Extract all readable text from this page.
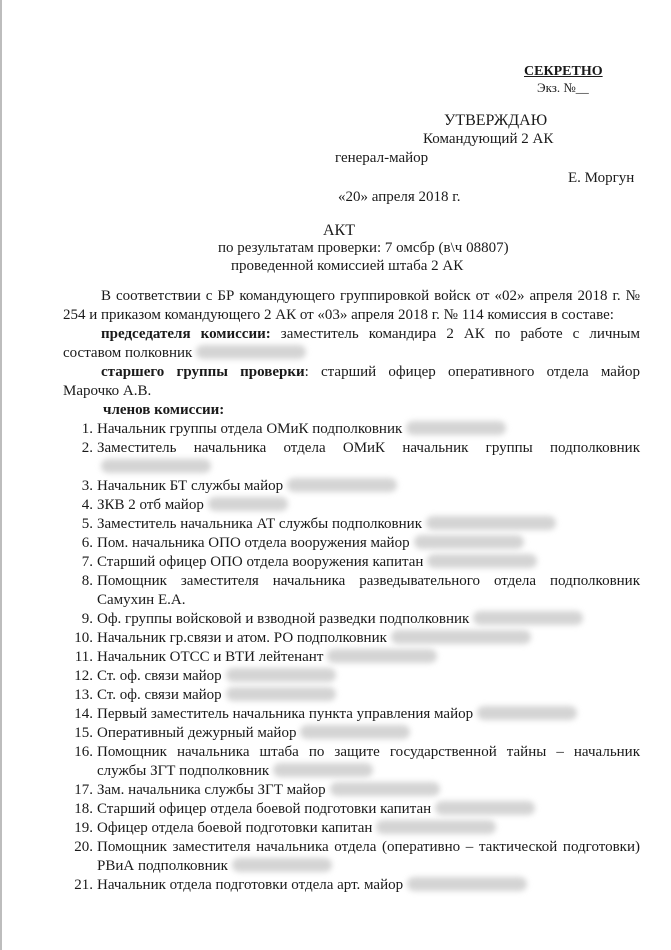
СЕКРЕТНО
Экз. №__
УТВЕРЖДАЮ
Командующий 2 АК
генерал-майор
Е. Моргун
«20» апреля 2018 г.
АКТ
по результатам проверки: 7 омсбр (в\ч 08807)
проведенной комиссией штаба 2 АК

В соответствии с БР командующего группировкой войск от «02» апреля 2018 г. № 254 и приказом командующего 2 АК от «03» апреля 2018 г. № 114 комиссия в составе:

председателя комиссии: заместитель командира 2 АК по работе с личным составом полковник

старшего группы проверки: старший офицер оперативного отдела майор Марочко А.В.

членов комиссии:

1. Начальник группы отдела ОМиК подполковник
2. Заместитель начальника отдела ОМиК начальник группы подполковник
3. Начальник БТ службы майор
4. ЗКВ 2 отб майор
5. Заместитель начальника АТ службы подполковник
6. Пом. начальника ОПО отдела вооружения майор
7. Старший офицер ОПО отдела вооружения капитан
8. Помощник заместителя начальника разведывательного отдела подполковник Самухин Е.А.
9. Оф. группы войсковой и взводной разведки подполковник
10. Начальник гр.связи и атом. РО подполковник
11. Начальник ОТСС и ВТИ лейтенант
12. Ст. оф. связи майор
13. Ст. оф. связи майор
14. Первый заместитель начальника пункта управления майор
15. Оперативный дежурный майор
16. Помощник начальника штаба по защите государственной тайны – начальник службы ЗГТ подполковник
17. Зам. начальника службы ЗГТ майор
18. Старший офицер отдела боевой подготовки капитан
19. Офицер отдела боевой подготовки капитан
20. Помощник заместителя начальника отдела (оперативно – тактической подготовки) РВиА подполковник
21. Начальник отдела подготовки отдела арт. майор
